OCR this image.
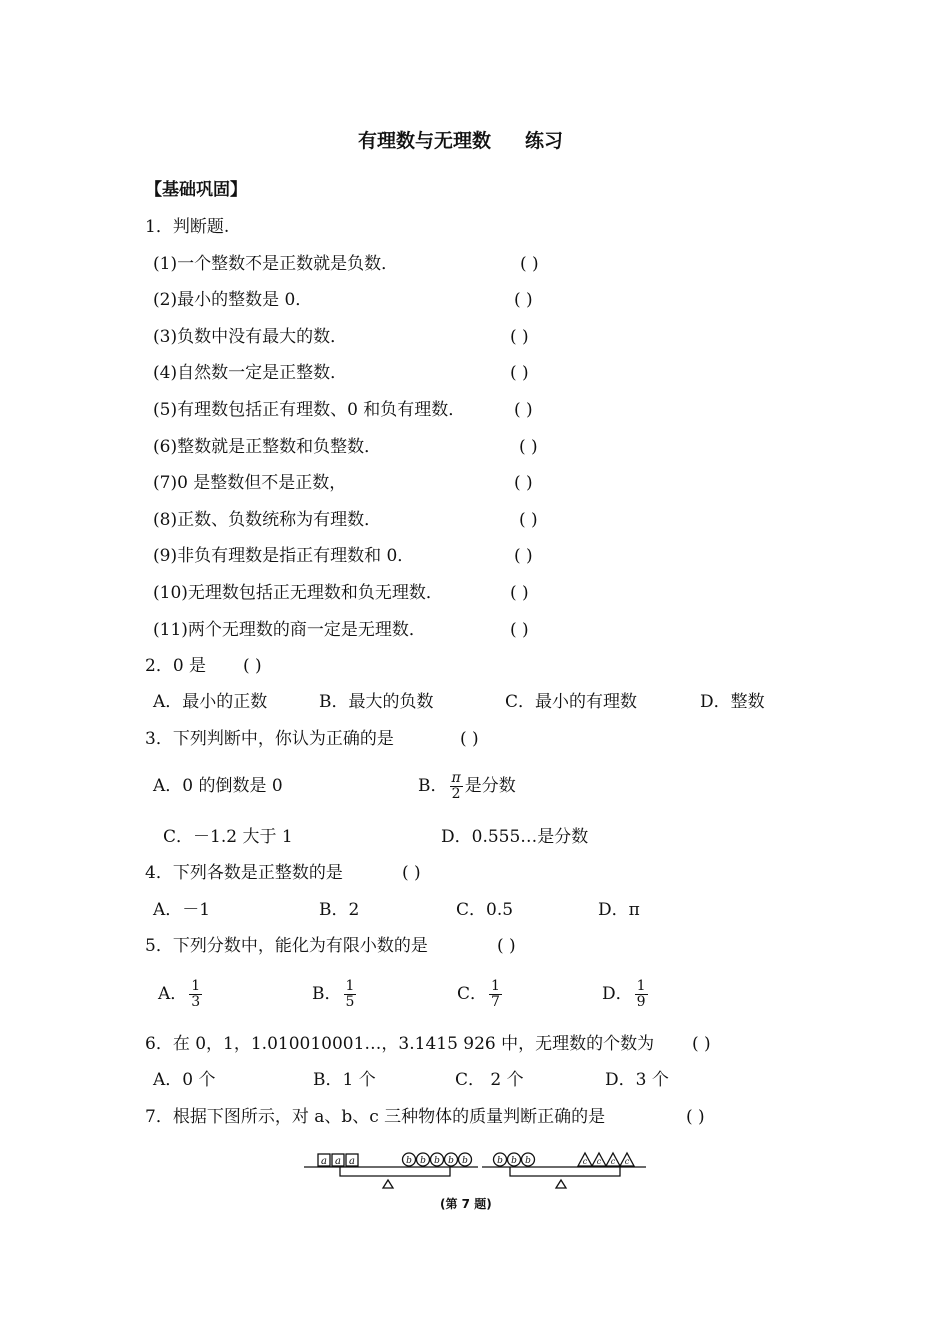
有理数与无理数 练习
【基础巩固】
1．判断题.
(1)一个整数不是正数就是负数．	( )
(2)最小的整数是 0．	( )
(3)负数中没有最大的数．	( )
(4)自然数一定是正整数．	( )
(5)有理数包括正有理数、0 和负有理数．	( )
(6)整数就是正整数和负整数．	( )
(7)0 是整数但不是正数，	( )
(8)正数、负数统称为有理数．	( )
(9)非负有理数是指正有理数和 0．	( )
(10)无理数包括正无理数和负无理数．	( )
(11)两个无理数的商一定是无理数．	( )
2．0 是 ( )
A．最小的正数	B．最大的负数	C．最小的有理数	D．整数
3．下列判断中，你认为正确的是	( )
A．0 的倒数是 0	B． $\frac{\pi}{2}$ 是分数
C．－1.2 大于 1	D．0.555…是分数
4．下列各数是正整数的是	( )
A．－1	B．2	C．0.5	D．π
5．下列分数中，能化为有限小数的是	( )
A． $\frac{1}{3}$	B． $\frac{1}{5}$	C． $\frac{1}{7}$	D． $\frac{1}{9}$
6．在 0，1，1.010010001…，3.1415 926 中，无理数的个数为 ( )
A．0 个	B．1 个	C． 2 个	D．3 个
7．根据下图所示，对 a、b、c 三种物体的质量判断正确的是	( )
a a a	b b b b b	b b b	c c c c
(第 7 题)
